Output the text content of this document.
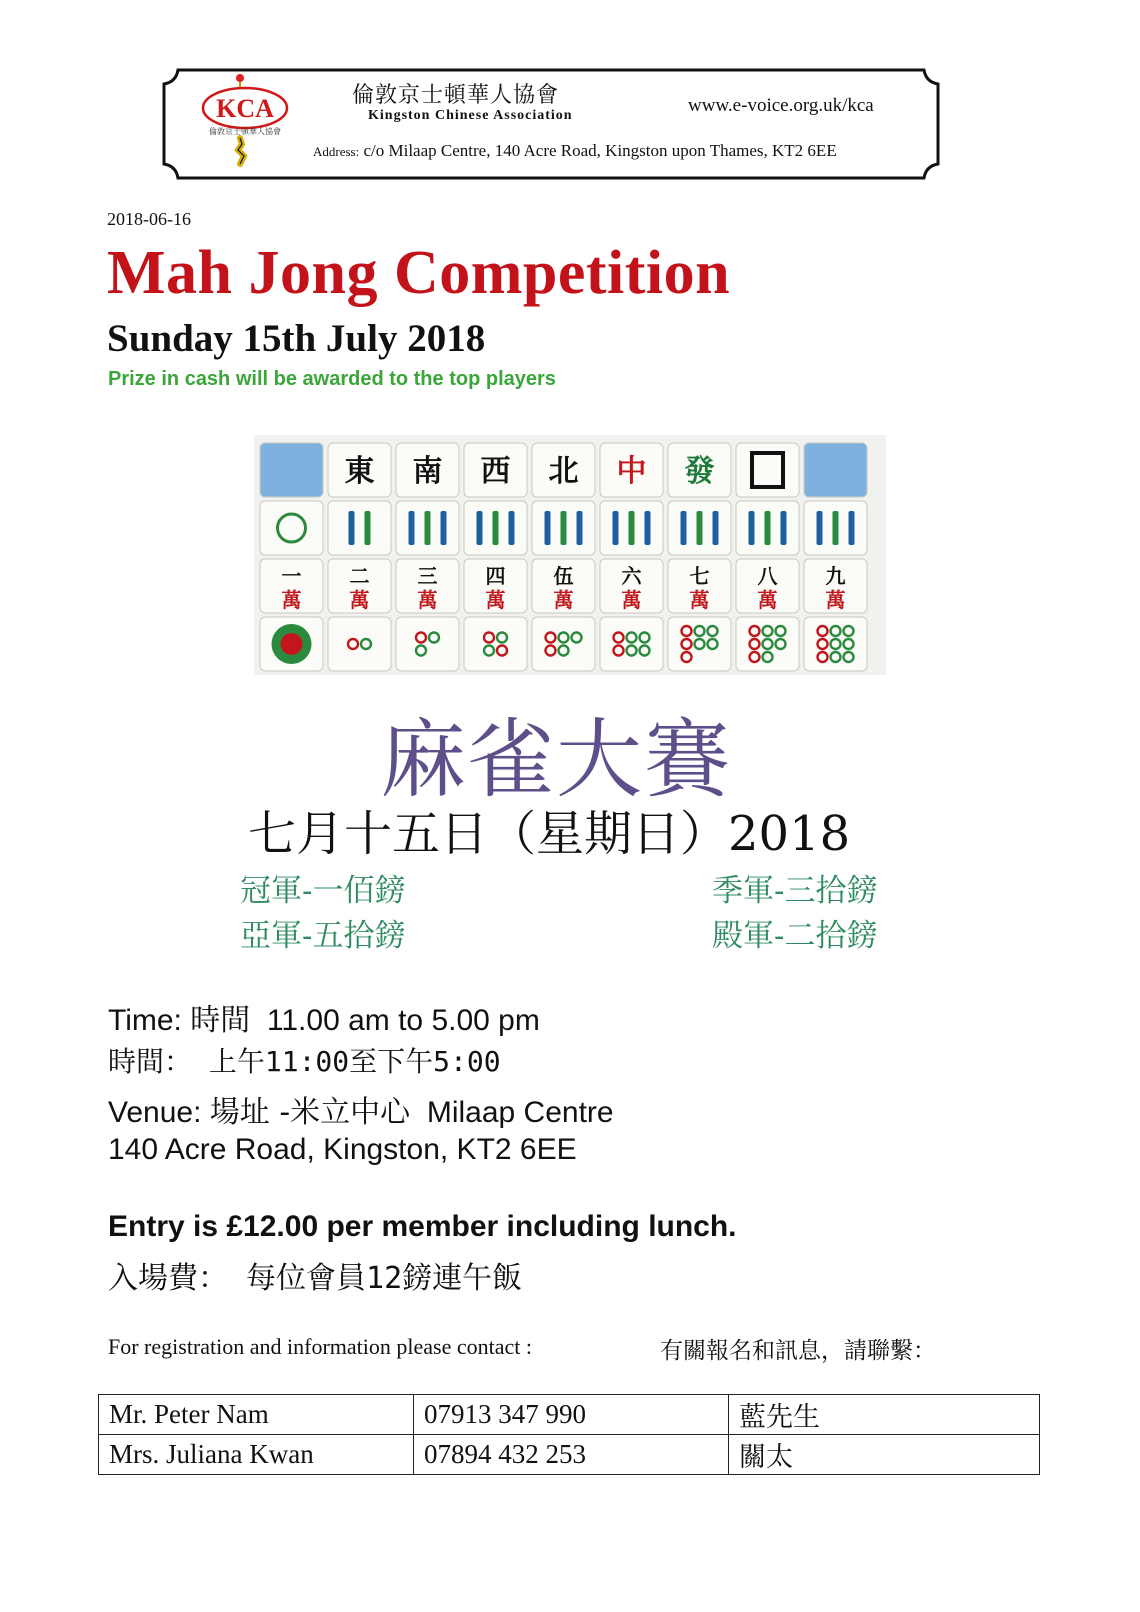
KCA
倫敦京士頓華人協會
倫敦京士頓華人協會
Kingston Chinese Association	www.e-voice.org.uk/kca
Address: c/o Milaap Centre, 140 Acre Road, Kingston upon Thames, KT2 6EE
2018-06-16
Mah Jong Competition
Sunday 15th July 2018
Prize in cash will be awarded to the top players
東 南 西 北 中 發
一
萬
二
萬
三
萬
四
萬
伍
萬
六
萬
七
萬
八
萬
九
萬
麻雀大賽
七月十五日（星期日）2018
冠軍-一佰鎊
亞軍-五拾鎊
季軍-三拾鎊
殿軍-二拾鎊
Time: 時間 11.00 am to 5.00 pm
時間： 上午11:00至下午5:00
Venue: 場址 -米立中心 Milaap Centre
140 Acre Road, Kingston, KT2 6EE
Entry is £12.00 per member including lunch.
入場費： 每位會員12鎊連午飯
For registration and information please contact :	有關報名和訊息，請聯繫：
Mr. Peter Nam	07913 347 990	藍先生
Mrs. Juliana Kwan	07894 432 253	關太
